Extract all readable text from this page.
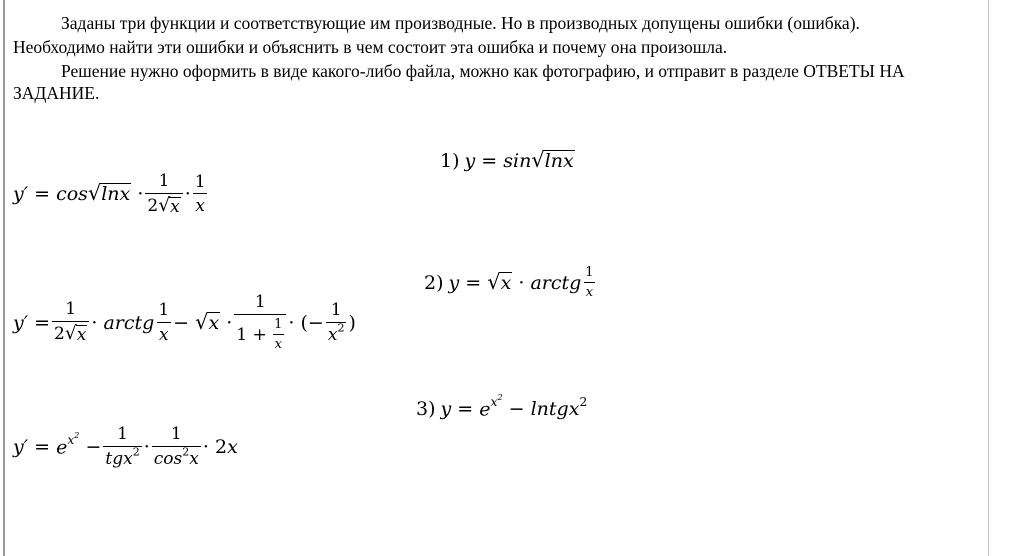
Заданы три функции и соответствующие им производные. Но в производных допущены ошибки (ошибка).
Необходимо найти эти ошибки и объяснить в чем состоит эта ошибка и почему она произошла.
Решение нужно оформить в виде какого-либо файла, можно как фотографию, и отправит в разделе ОТВЕТЫ НА
ЗАДАНИЕ.
1) y
=
sin √ lnx
y′
=
cos √ lnx
· $\frac{1}{2 √ x} \cdot \frac{1}{x}$
2) y
=
√ x
·
arctg $\frac{1}{x}$
y′
= $\frac{1}{2 √ x}$ ·
arctg $\frac{1}{x}$ −
√ x
· $\frac{1}{1 + \frac{1}{x}}$ ·
(− $\frac{1}{x^2}$ )
3) y
=
$e^{x^2}$

−
lntgx$^2$
y′
=
$e^{x^2}$

− $\frac{1}{tgx^2} \cdot \frac{1}{\cos^2x}$ ·
2x
